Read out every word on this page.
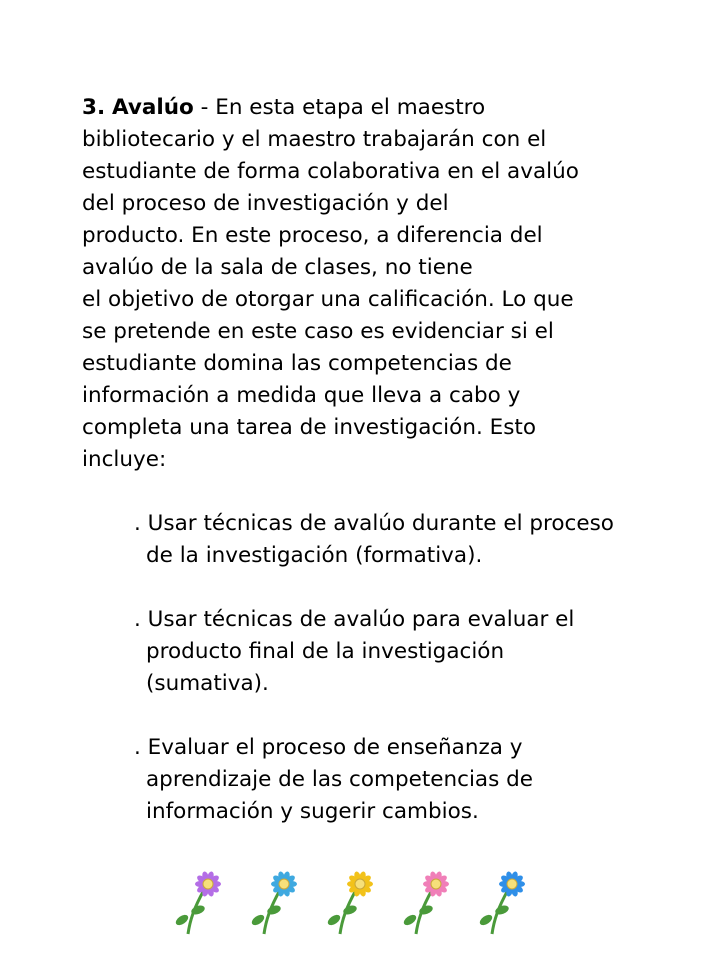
3. Avalúo - En esta etapa el maestro
bibliotecario y el maestro trabajarán con el
estudiante de forma colaborativa en el avalúo
del proceso de investigación y del
producto. En este proceso, a diferencia del
avalúo de la sala de clases, no tiene
el objetivo de otorgar una calificación. Lo que
se pretende en este caso es evidenciar si el
estudiante domina las competencias de
información a medida que lleva a cabo y
completa una tarea de investigación. Esto
incluye:
. Usar técnicas de avalúo durante el proceso
de la investigación (formativa).
. Usar técnicas de avalúo para evaluar el
producto final de la investigación
(sumativa).
. Evaluar el proceso de enseñanza y
aprendizaje de las competencias de
información y sugerir cambios.
